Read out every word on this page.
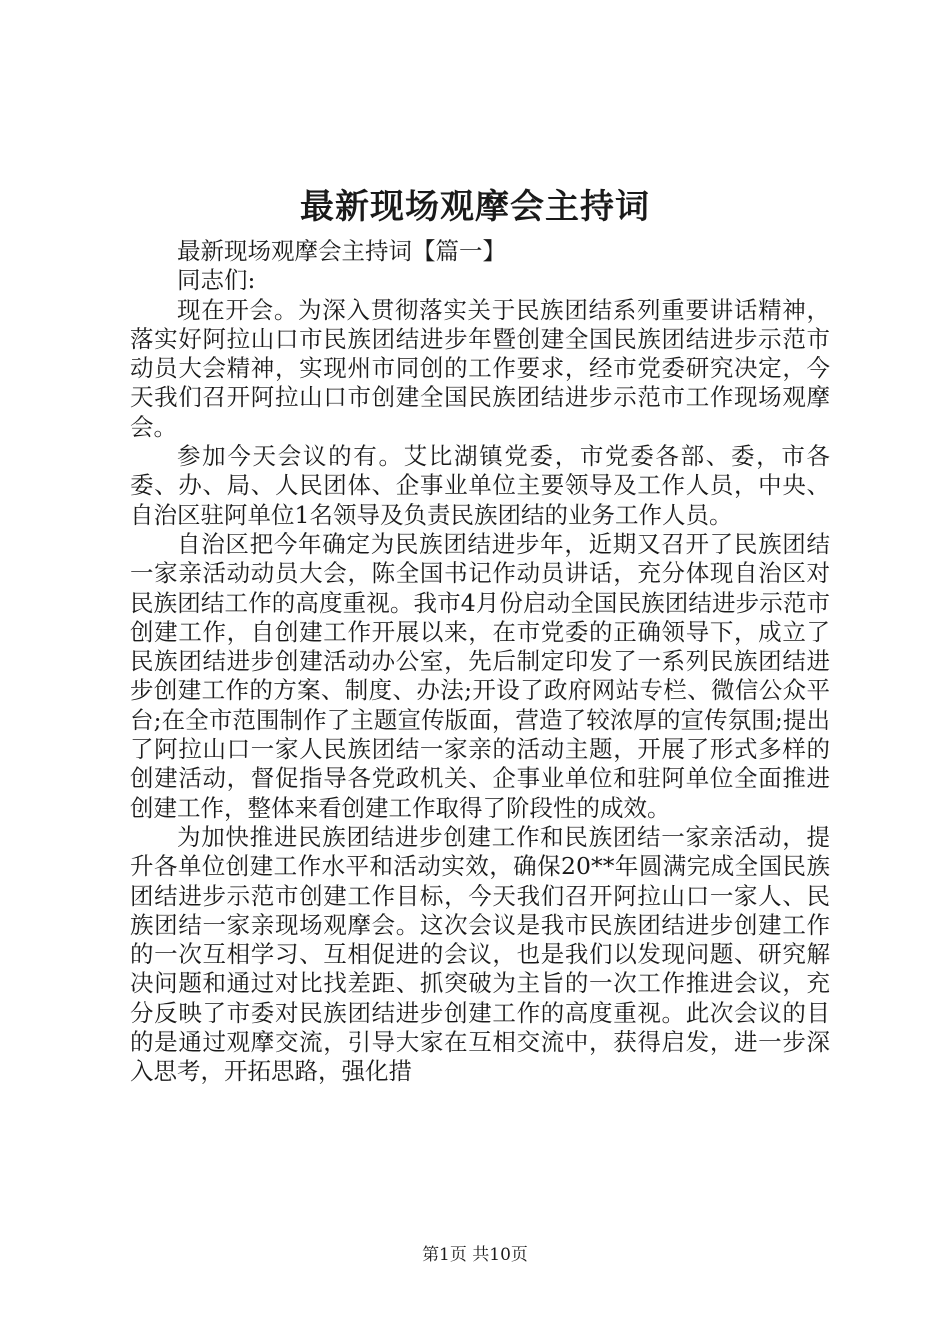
最新现场观摩会主持词

最新现场观摩会主持词【篇一】

同志们:

现在开会。为深入贯彻落实关于民族团结系列重要讲话精神，落实好阿拉山口市民族团结进步年暨创建全国民族团结进步示范市动员大会精神，实现州市同创的工作要求，经市党委研究决定，今天我们召开阿拉山口市创建全国民族团结进步示范市工作现场观摩会。

参加今天会议的有。艾比湖镇党委，市党委各部、委，市各委、办、局、人民团体、企事业单位主要领导及工作人员，中央、自治区驻阿单位1名领导及负责民族团结的业务工作人员。

自治区把今年确定为民族团结进步年，近期又召开了民族团结一家亲活动动员大会，陈全国书记作动员讲话，充分体现自治区对民族团结工作的高度重视。我市4月份启动全国民族团结进步示范市创建工作，自创建工作开展以来，在市党委的正确领导下，成立了民族团结进步创建活动办公室，先后制定印发了一系列民族团结进步创建工作的方案、制度、办法;开设了政府网站专栏、微信公众平台;在全市范围制作了主题宣传版面，营造了较浓厚的宣传氛围;提出了阿拉山口一家人民族团结一家亲的活动主题，开展了形式多样的创建活动，督促指导各党政机关、企事业单位和驻阿单位全面推进创建工作，整体来看创建工作取得了阶段性的成效。

为加快推进民族团结进步创建工作和民族团结一家亲活动，提升各单位创建工作水平和活动实效，确保20**年圆满完成全国民族团结进步示范市创建工作目标，今天我们召开阿拉山口一家人、民族团结一家亲现场观摩会。这次会议是我市民族团结进步创建工作的一次互相学习、互相促进的会议，也是我们以发现问题、研究解决问题和通过对比找差距、抓突破为主旨的一次工作推进会议，充分反映了市委对民族团结进步创建工作的高度重视。此次会议的目的是通过观摩交流，引导大家在互相交流中，获得启发，进一步深入思考，开拓思路，强化措

第1页 共10页
